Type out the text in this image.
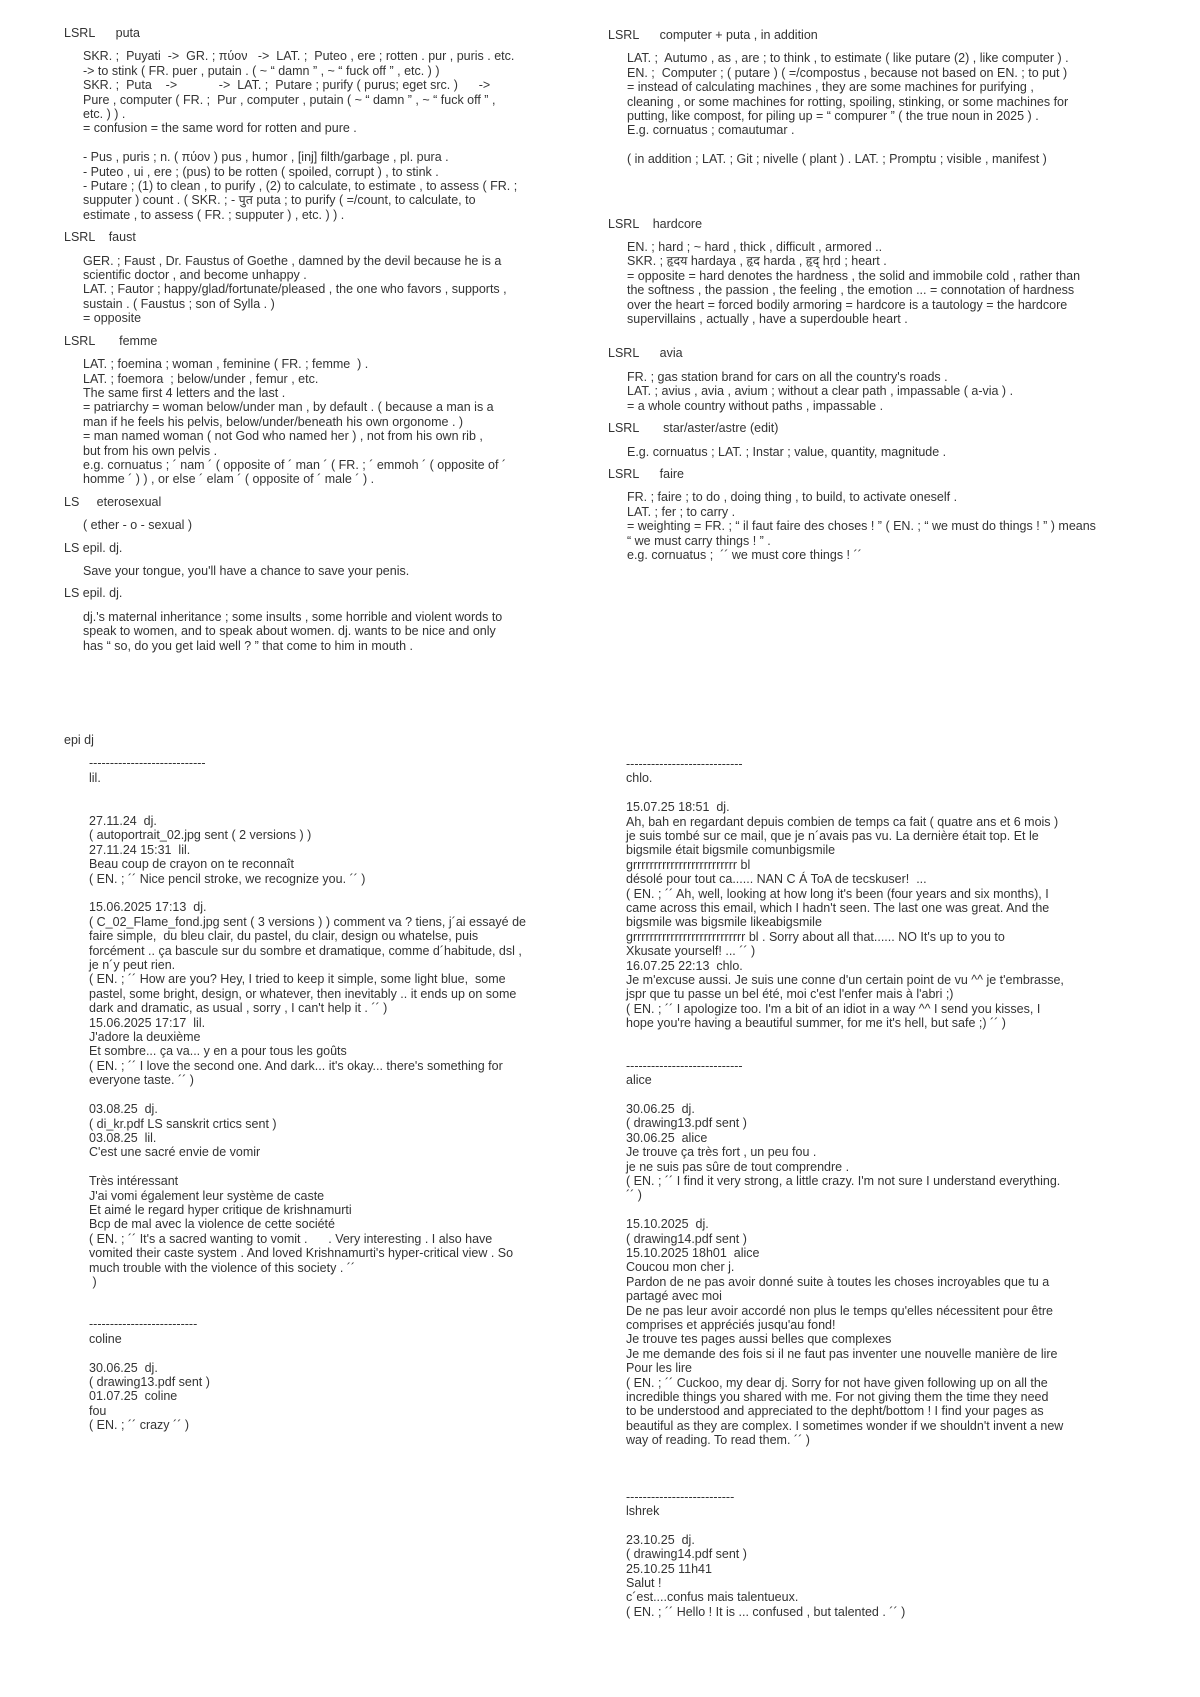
LSRL      puta
SKR. ;  Puyati  ->  GR. ; πύον   ->  LAT. ;  Puteo , ere ; rotten . pur , puris . etc.
-> to stink ( FR. puer , putain . ( ~ “ damn ” , ~ “ fuck off ” , etc. ) )
SKR. ;  Puta    ->            ->  LAT. ;  Putare ; purify ( purus; eget src. )      ->
Pure , computer ( FR. ;  Pur , computer , putain ( ~ “ damn ” , ~ “ fuck off ” ,
etc. ) ) .
= confusion = the same word for rotten and pure .
- Pus , puris ; n. ( πύον ) pus , humor , [inj] filth/garbage , pl. pura .
- Puteo , ui , ere ; (pus) to be rotten ( spoiled, corrupt ) , to stink .
- Putare ; (1) to clean , to purify , (2) to calculate, to estimate , to assess ( FR. ;
supputer ) count . ( SKR. ; - पुत puta ; to purify ( =/count, to calculate, to
estimate , to assess ( FR. ; supputer ) , etc. ) ) .
LSRL    faust
GER. ; Faust , Dr. Faustus of Goethe , damned by the devil because he is a
scientific doctor , and become unhappy .
LAT. ; Fautor ; happy/glad/fortunate/pleased , the one who favors , supports ,
sustain . ( Faustus ; son of Sylla . )
= opposite
LSRL       femme
LAT. ; foemina ; woman , feminine ( FR. ; femme  ) .
LAT. ; foemora  ; below/under , femur , etc.
The same first 4 letters and the last .
= patriarchy = woman below/under man , by default . ( because a man is a
man if he feels his pelvis, below/under/beneath his own orgonome . )
= man named woman ( not God who named her ) , not from his own rib ,
but from his own pelvis .
e.g. cornuatus ; ´ nam ´ ( opposite of ´ man ´ ( FR. ; ´ emmoh ´ ( opposite of ´
homme ´ ) ) , or else ´ elam ´ ( opposite of ´ male ´ ) .
LS     eterosexual
( ether - o - sexual )
LS epil. dj.
Save your tongue, you'll have a chance to save your penis.
LS epil. dj.
dj.'s maternal inheritance ; some insults , some horrible and violent words to
speak to women, and to speak about women. dj. wants to be nice and only
has “ so, do you get laid well ? ” that come to him in mouth .
LSRL      computer + puta , in addition
LAT. ;  Autumo , as , are ; to think , to estimate ( like putare (2) , like computer ) .
EN. ;  Computer ; ( putare ) ( =/compostus , because not based on EN. ; to put )
= instead of calculating machines , they are some machines for purifying ,
cleaning , or some machines for rotting, spoiling, stinking, or some machines for
putting, like compost, for piling up = “ compurer ” ( the true noun in 2025 ) .
E.g. cornuatus ; comautumar .
( in addition ; LAT. ; Git ; nivelle ( plant ) . LAT. ; Promptu ; visible , manifest )
LSRL    hardcore
EN. ; hard ; ~ hard , thick , difficult , armored ..
SKR. ; हृदय hardaya , हृद harda , हृद् hṛd ; heart .
= opposite = hard denotes the hardness , the solid and immobile cold , rather than
the softness , the passion , the feeling , the emotion ... = connotation of hardness
over the heart = forced bodily armoring = hardcore is a tautology = the hardcore
supervillains , actually , have a superdouble heart .
LSRL      avia
FR. ; gas station brand for cars on all the country's roads .
LAT. ; avius , avia , avium ; without a clear path , impassable ( a-via ) .
= a whole country without paths , impassable .
LSRL       star/aster/astre (edit)
E.g. cornuatus ; LAT. ; Instar ; value, quantity, magnitude .
LSRL      faire
FR. ; faire ; to do , doing thing , to build, to activate oneself .
LAT. ; fer ; to carry .
= weighting = FR. ; “ il faut faire des choses ! ” ( EN. ; “ we must do things ! ” ) means
“ we must carry things ! ” .
e.g. cornuatus ;  ´´ we must core things ! ´´
epi dj
----------------------------
lil.
27.11.24  dj.
( autoportrait_02.jpg sent ( 2 versions ) )
27.11.24 15:31  lil.
Beau coup de crayon on te reconnaît
( EN. ; ´´ Nice pencil stroke, we recognize you. ´´ )
15.06.2025 17:13  dj.
( C_02_Flame_fond.jpg sent ( 3 versions ) ) comment va ? tiens, j´ai essayé de
faire simple,  du bleu clair, du pastel, du clair, design ou whatelse, puis
forcément .. ça bascule sur du sombre et dramatique, comme d´habitude, dsl ,
je n´y peut rien.
( EN. ; ´´ How are you? Hey, I tried to keep it simple, some light blue,  some
pastel, some bright, design, or whatever, then inevitably .. it ends up on some
dark and dramatic, as usual , sorry , I can't help it . ´´ )
15.06.2025 17:17  lil.
J'adore la deuxième
Et sombre... ça va... y en a pour tous les goûts
( EN. ; ´´ I love the second one. And dark... it's okay... there's something for
everyone taste. ´´ )
03.08.25  dj.
( di_kr.pdf LS sanskrit crtics sent )
03.08.25  lil.
C'est une sacré envie de vomir
Très intéressant
J'ai vomi également leur système de caste
Et aimé le regard hyper critique de krishnamurti
Bcp de mal avec la violence de cette société
( EN. ; ´´ It's a sacred wanting to vomit .      . Very interesting . I also have
vomited their caste system . And loved Krishnamurti's hyper-critical view . So
much trouble with the violence of this society . ´´
)
--------------------------
coline
30.06.25  dj.
( drawing13.pdf sent )
01.07.25  coline
fou
( EN. ; ´´ crazy ´´ )
----------------------------
chlo.
15.07.25 18:51  dj.
Ah, bah en regardant depuis combien de temps ca fait ( quatre ans et 6 mois )
je suis tombé sur ce mail, que je n´avais pas vu. La dernière était top. Et le
bigsmile était bigsmile comunbigsmile
grrrrrrrrrrrrrrrrrrrrrrrrr bl
désolé pour tout ca...... NAN C Á ToA de tecskuser!  ...
( EN. ; ´´ Ah, well, looking at how long it's been (four years and six months), I
came across this email, which I hadn't seen. The last one was great. And the
bigsmile was bigsmile likeabigsmile
grrrrrrrrrrrrrrrrrrrrrrrrrrr bl . Sorry about all that...... NO It's up to you to
Xkusate yourself! ... ´´ )
16.07.25 22:13  chlo.
Je m'excuse aussi. Je suis une conne d'un certain point de vu ^^ je t'embrasse,
jspr que tu passe un bel été, moi c'est l'enfer mais à l'abri ;)
( EN. ; ´´ I apologize too. I'm a bit of an idiot in a way ^^ I send you kisses, I
hope you're having a beautiful summer, for me it's hell, but safe ;) ´´ )
----------------------------
alice
30.06.25  dj.
( drawing13.pdf sent )
30.06.25  alice
Je trouve ça très fort , un peu fou .
je ne suis pas sûre de tout comprendre .
( EN. ; ´´ I find it very strong, a little crazy. I'm not sure I understand everything.
´´ )
15.10.2025  dj.
( drawing14.pdf sent )
15.10.2025 18h01  alice
Coucou mon cher j.
Pardon de ne pas avoir donné suite à toutes les choses incroyables que tu a
partagé avec moi
De ne pas leur avoir accordé non plus le temps qu'elles nécessitent pour être
comprises et appréciés jusqu'au fond!
Je trouve tes pages aussi belles que complexes
Je me demande des fois si il ne faut pas inventer une nouvelle manière de lire
Pour les lire
( EN. ; ´´ Cuckoo, my dear dj. Sorry for not have given following up on all the
incredible things you shared with me. For not giving them the time they need
to be understood and appreciated to the depht/bottom ! I find your pages as
beautiful as they are complex. I sometimes wonder if we shouldn't invent a new
way of reading. To read them. ´´ )
--------------------------
lshrek
23.10.25  dj.
( drawing14.pdf sent )
25.10.25 11h41
Salut !
c´est....confus mais talentueux.
( EN. ; ´´ Hello ! It is ... confused , but talented . ´´ )
